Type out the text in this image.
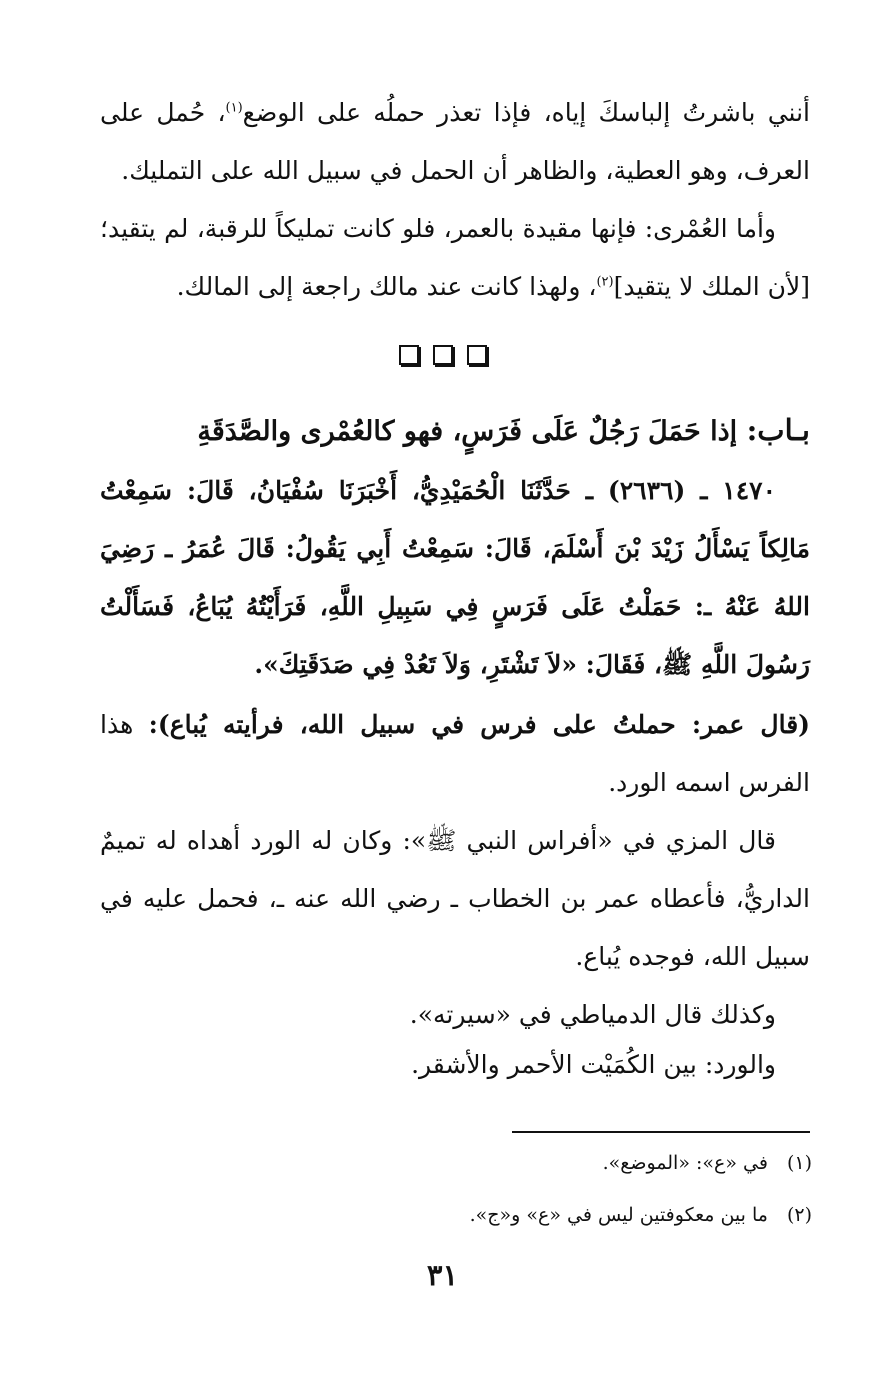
أنني باشرتُ إلباسكَ إياه، فإذا تعذر حملُه على الوضع$^{(١)}$، حُمل على العرف، وهو العطية، والظاهر أن الحمل في سبيل الله على التمليك.

وأما العُمْرى: فإنها مقيدة بالعمر، فلو كانت تمليكاً للرقبة، لم يتقيد؛ [لأن الملك لا يتقيد]$^{(٢)}$، ولهذا كانت عند مالك راجعة إلى المالك.

بـاب: إذا حَمَلَ رَجُلٌ عَلَى فَرَسٍ، فهو كالعُمْرى والصَّدَقَةِ

١٤٧٠ ـ (٢٦٣٦) ـ حَدَّثَنَا الْحُمَيْدِيُّ، أَخْبَرَنَا سُفْيَانُ، قَالَ: سَمِعْتُ مَالِكاً يَسْأَلُ زَيْدَ بْنَ أَسْلَمَ، قَالَ: سَمِعْتُ أَبِي يَقُولُ: قَالَ عُمَرُ ـ رَضِيَ اللهُ عَنْهُ ـ: حَمَلْتُ عَلَى فَرَسٍ فِي سَبِيلِ اللَّهِ، فَرَأَيْتُهُ يُبَاعُ، فَسَأَلْتُ رَسُولَ اللَّهِ ﷺ، فَقَالَ: «لاَ تَشْتَرِ، وَلاَ تَعُدْ فِي صَدَقَتِكَ».

(قال عمر: حملتُ على فرس في سبيل الله، فرأيته يُباع): هذا الفرس اسمه الورد.

قال المزي في «أفراس النبي ﷺ»: وكان له الورد أهداه له تميمٌ الداريُّ، فأعطاه عمر بن الخطاب ـ رضي الله عنه ـ، فحمل عليه في سبيل الله، فوجده يُباع.

وكذلك قال الدمياطي في «سيرته».

والورد: بين الكُمَيْت الأحمر والأشقر.

(١) في «ع»: «الموضع».

(٢) ما بين معكوفتين ليس في «ع» و«ج».

٣١
